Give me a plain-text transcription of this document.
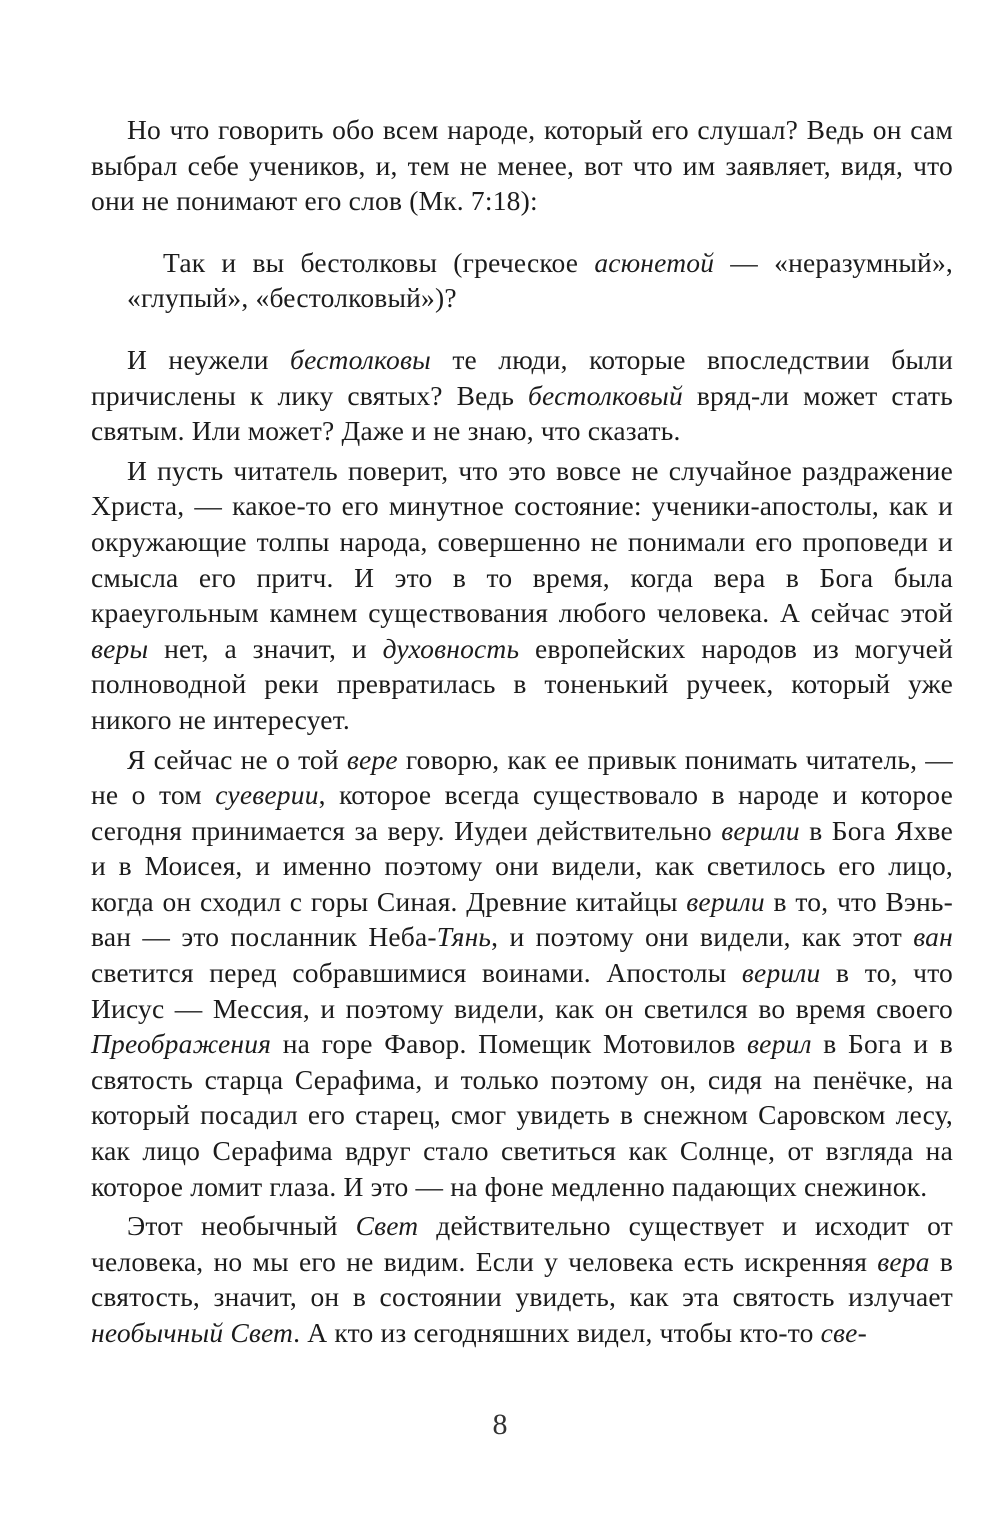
Но что говорить обо всем народе, который его слушал? Ведь он сам выбрал себе учеников, и, тем не менее, вот что им заявляет, видя, что они не понимают его слов (Мк. 7:18):

Так и вы бестолковы (греческое асюнетой — «неразумный», «глупый», «бестолковый»)?

И неужели бестолковы те люди, которые впоследствии были причислены к лику святых? Ведь бестолковый вряд-ли может стать святым. Или может? Даже и не знаю, что сказать.

И пусть читатель поверит, что это вовсе не случайное раздражение Христа, — какое-то его минутное состояние: ученики-апостолы, как и окружающие толпы народа, совершенно не понимали его проповеди и смысла его притч. И это в то время, когда вера в Бога была краеугольным камнем существования любого человека. А сейчас этой веры нет, а значит, и духовность европейских народов из могучей полноводной реки превратилась в тоненький ручеек, который уже никого не интересует.

Я сейчас не о той вере говорю, как ее привык понимать читатель, — не о том суеверии, которое всегда существовало в народе и которое сегодня принимается за веру. Иудеи действительно верили в Бога Яхве и в Моисея, и именно поэтому они видели, как светилось его лицо, когда он сходил с горы Синая. Древние китайцы верили в то, что Вэнь-ван — это посланник Неба-Тянь, и поэтому они видели, как этот ван светится перед собравшимися воинами. Апостолы верили в то, что Иисус — Мессия, и поэтому видели, как он светился во время своего Преображения на горе Фавор. Помещик Мотовилов верил в Бога и в святость старца Серафима, и только поэтому он, сидя на пенёчке, на который посадил его старец, смог увидеть в снежном Саровском лесу, как лицо Серафима вдруг стало светиться как Солнце, от взгляда на которое ломит глаза. И это — на фоне медленно падающих снежинок.

Этот необычный Свет действительно существует и исходит от человека, но мы его не видим. Если у человека есть искренняя вера в святость, значит, он в состоянии увидеть, как эта святость излучает необычный Свет. А кто из сегодняшних видел, чтобы кто-то све-

8
